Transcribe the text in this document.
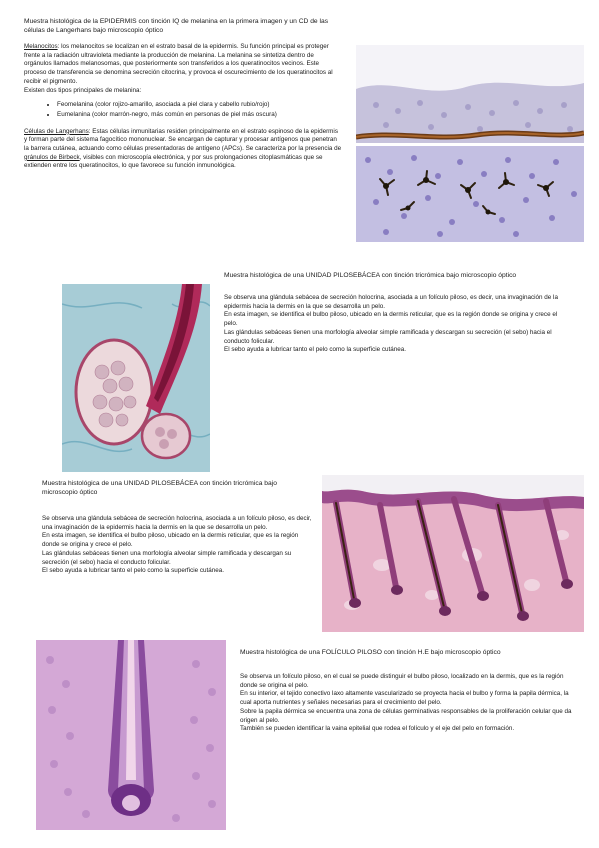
Muestra histológica de la EPIDERMIS con tinción IQ de melanina en la primera imagen y un CD de las células de Langerhans bajo microscopio óptico

Melanocitos: los melanocitos se localizan en el estrato basal de la epidermis. Su función principal es proteger frente a la radiación ultravioleta mediante la producción de melanina. La melanina se sintetiza dentro de orgánulos llamados melanosomas, que posteriormente son transferidos a los queratinocitos vecinos. Este proceso de transferencia se denomina secreción citocrina, y provoca el oscurecimiento de los queratinocitos al recibir el pigmento.

Existen dos tipos principales de melanina:

• Feomelanina (color rojizo-amarillo, asociada a piel clara y cabello rubio/rojo)
• Eumelanina (color marrón-negro, más común en personas de piel más oscura)

Células de Langerhans: Estas células inmunitarias residen principalmente en el estrato espinoso de la epidermis y forman parte del sistema fagocítico mononuclear. Se encargan de capturar y procesar antígenos que penetran la barrera cutánea, actuando como células presentadoras de antígeno (APCs). Se caracteriza por la presencia de gránulos de Birbeck, visibles con microscopía electrónica, y por sus prolongaciones citoplasmáticas que se extienden entre los queratinocitos, lo que favorece su función inmunológica.

Muestra histológica de una UNIDAD PILOSEBÁCEA con tinción tricrómica bajo microscopio óptico

Se observa una glándula sebácea de secreción holocrina, asociada a un folículo piloso, es decir, una invaginación de la epidermis hacia la dermis en la que se desarrolla un pelo.

En esta imagen, se identifica el bulbo piloso, ubicado en la dermis reticular, que es la región donde se origina y crece el pelo.

Las glándulas sebáceas tienen una morfología alveolar simple ramificada y descargan su secreción (el sebo) hacia el conducto folicular.

El sebo ayuda a lubricar tanto el pelo como la superficie cutánea.

Muestra histológica de una UNIDAD PILOSEBÁCEA con tinción tricrómica bajo microscopio óptico

Se observa una glándula sebácea de secreción holocrina, asociada a un folículo piloso, es decir, una invaginación de la epidermis hacia la dermis en la que se desarrolla un pelo.

En esta imagen, se identifica el bulbo piloso, ubicado en la dermis reticular, que es la región donde se origina y crece el pelo.

Las glándulas sebáceas tienen una morfología alveolar simple ramificada y descargan su secreción (el sebo) hacia el conducto folicular.

El sebo ayuda a lubricar tanto el pelo como la superficie cutánea.

Muestra histológica de una FOLÍCULO PILOSO con tinción H.E bajo microscopio óptico

Se observa un folículo piloso, en el cual se puede distinguir el bulbo piloso, localizado en la dermis, que es la región donde se origina el pelo.

En su interior, el tejido conectivo laxo altamente vascularizado se proyecta hacia el bulbo y forma la papila dérmica, la cual aporta nutrientes y señales necesarias para el crecimiento del pelo.

Sobre la papila dérmica se encuentra una zona de células germinativas responsables de la proliferación celular que da origen al pelo.

También se pueden identificar la vaina epitelial que rodea el folículo y el eje del pelo en formación.
